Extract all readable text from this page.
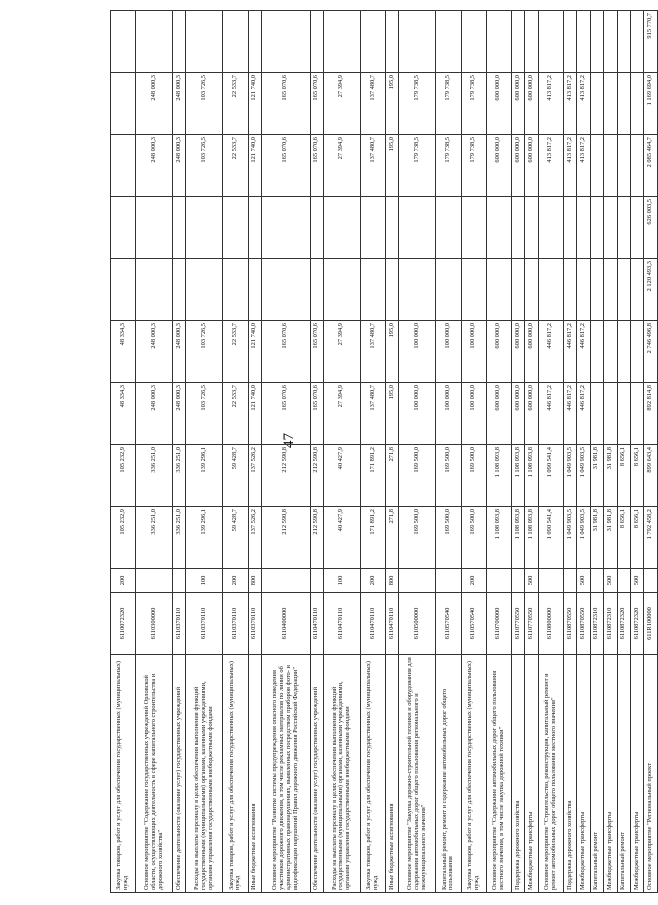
47
Закупка товаров, работ и услуг для обеспечения государственных (муниципальных) нужд	6110072320	200	105 232,9	105 232,9	48 334,3	48 334,3					
Основное мероприятие "Содержание государственных учреждений Орловской области, осуществляющих деятельность в сфере капитального строительства и дорожного хозяйства"	6110300000		336 251,0	336 251,0	248 000,3	248 000,3			248 000,3	248 000,3	
Обеспечение деятельности (оказание услуг) государственных учреждений	6110370110		336 251,0	336 251,0	248 000,3	248 000,3			248 000,3	248 000,3	
Расходы на выплаты персоналу в целях обеспечения выполнения функций государственными (муниципальными) органами, казенными учреждениями, органами управления государственными внебюджетными фондами	6110370110	100	139 296,1	139 296,1	103 726,5	103 726,5			103 726,5	103 726,5	
Закупка товаров, работ и услуг для обеспечения государственных (муниципальных) нужд	6110370110	200	59 428,7	59 428,7	22 533,7	22 533,7			22 533,7	22 533,7	
Иные бюджетные ассигнования	6110370110	800	137 526,2	137 526,2	121 740,0	121 740,0			121 740,0	121 740,0	
Основное мероприятие "Развитие системы предупреждения опасного поведения участников дорожного движения, в том числе рекламных материалов по линии об административных правонарушениях, выявленных посредством приборов фото- и видеофиксации нарушений Правил дорожного движения Российской Федерации"	6110400000		212 590,8	212 590,8	165 070,6	165 070,6			165 070,6	165 070,6	
Обеспечение деятельности (оказание услуг) государственных учреждений	6110470110		212 590,8	212 590,8	165 070,6	165 070,6			165 070,6	165 070,6	
Расходы на выплаты персоналу в целях обеспечения выполнения функций государственными (муниципальными) органами, казенными учреждениями, органами управления государственными внебюджетными фондами	6110470110	100	40 427,9	40 427,9	27 394,9	27 394,9			27 394,9	27 394,9	
Закупка товаров, работ и услуг для обеспечения государственных (муниципальных) нужд	6110470110	200	171 891,2	171 891,2	137 480,7	137 480,7			137 480,7	137 480,7	
Иные бюджетные ассигнования	6110470110	800	271,8	271,8	195,0	195,0			195,0	195,0	
Основное мероприятие "Закупка дорожно-строительной техники и оборудования для содержания автомобильных дорог общего пользования регионального и межмуниципального значения"	6110500000		169 500,0	169 500,0	100 000,0	100 000,0			179 738,5	179 738,5	
Капитальный ремонт, ремонт и содержание автомобильных дорог общего пользования	6110570540		169 500,0	169 500,0	100 000,0	100 000,0			179 738,5	179 738,5	
Закупка товаров, работ и услуг для обеспечения государственных (муниципальных) нужд	6110570540	200	169 500,0	169 500,0	100 000,0	100 000,0			179 738,5	179 738,5	
Основное мероприятие "Содержание автомобильных дорог общего пользования местного значения, в том числе закупка дорожной техники"	6110700000		1 108 093,8	1 108 093,8	600 000,0	600 000,0			600 000,0	600 000,0	
Поддержка дорожного хозяйства	6110770550		1 108 093,8	1 108 093,8	600 000,0	600 000,0			600 000,0	600 000,0	
Межбюджетные трансферты	6110770550	500	1 108 093,8	1 108 093,8	600 000,0	600 000,0			600 000,0	600 000,0	
Основное мероприятие "Строительство, реконструкция, капитальный ремонт и ремонт автомобильных дорог общего пользования местного значения"	6110800000		1 090 541,4	1 090 541,4	446 817,2	446 817,2			413 817,2	413 817,2	
Поддержка дорожного хозяйства	6110870550		1 049 903,5	1 049 903,5	446 817,2	446 817,2			413 817,2	413 817,2	
Межбюджетные трансферты	6110870550	500	1 049 903,5	1 049 903,5	446 817,2	446 817,2			413 817,2	413 817,2	
Капитальный ремонт	6110872310		31 981,8	31 981,8							
Межбюджетные трансферты	6110872310	500	31 981,8	31 981,8							
Капитальный ремонт	6110872320		8 656,1	8 656,1							
Межбюджетные трансферты	6110872320	500	8 656,1	8 656,1							
Основное мероприятие "Региональный проект	611R100000		1 792 458,2	899 643,4	892 814,8	2 746 496,8	2 120 493,3	626 003,5	2 085 464,7	1 169 694,0	915 770,7
